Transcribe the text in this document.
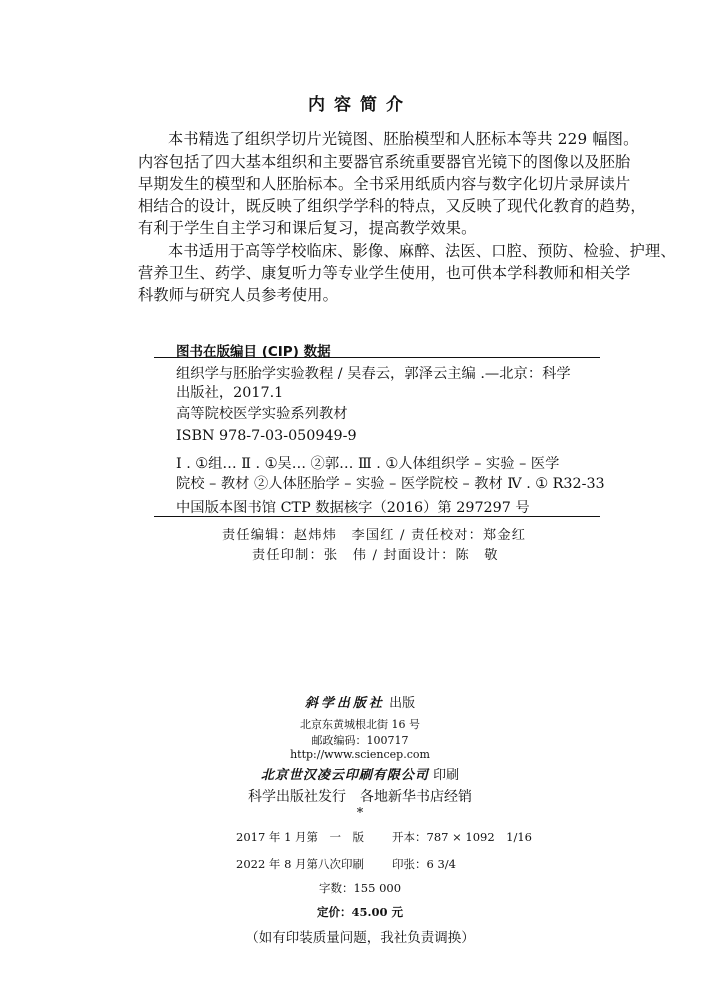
内容简介
本书精选了组织学切片光镜图、胚胎模型和人胚标本等共 229 幅图。
内容包括了四大基本组织和主要器官系统重要器官光镜下的图像以及胚胎
早期发生的模型和人胚胎标本。全书采用纸质内容与数字化切片录屏读片
相结合的设计，既反映了组织学学科的特点，又反映了现代化教育的趋势，
有利于学生自主学习和课后复习，提高教学效果。
本书适用于高等学校临床、影像、麻醉、法医、口腔、预防、检验、护理、
营养卫生、药学、康复听力等专业学生使用，也可供本学科教师和相关学
科教师与研究人员参考使用。
图书在版编目 (CIP) 数据
组织学与胚胎学实验教程 / 吴春云，郭泽云主编 .—北京：科学
出版社，2017.1
高等院校医学实验系列教材
ISBN 978-7-03-050949-9
Ⅰ . ①组… Ⅱ . ①吴… ②郭… Ⅲ . ①人体组织学 – 实验 – 医学
院校 – 教材 ②人体胚胎学 – 实验 – 医学院校 – 教材 Ⅳ . ① R32-33
中国版本图书馆 CTP 数据核字（2016）第 297297 号
责任编辑：赵炜炜　李国红 / 责任校对：郑金红
责任印制：张　伟 / 封面设计：陈　敬
斜学出版社 出版
北京东黄城根北街 16 号
邮政编码：100717
http://www.sciencep.com
北京世汉凌云印刷有限公司 印刷
科学出版社发行　各地新华书店经销
*
2017 年 1 月第　一　版 开本：787 × 1092　1/16
2022 年 8 月第八次印刷 印张：6 3/4
字数：155 000
定价：45.00 元
（如有印装质量问题，我社负责调换）
